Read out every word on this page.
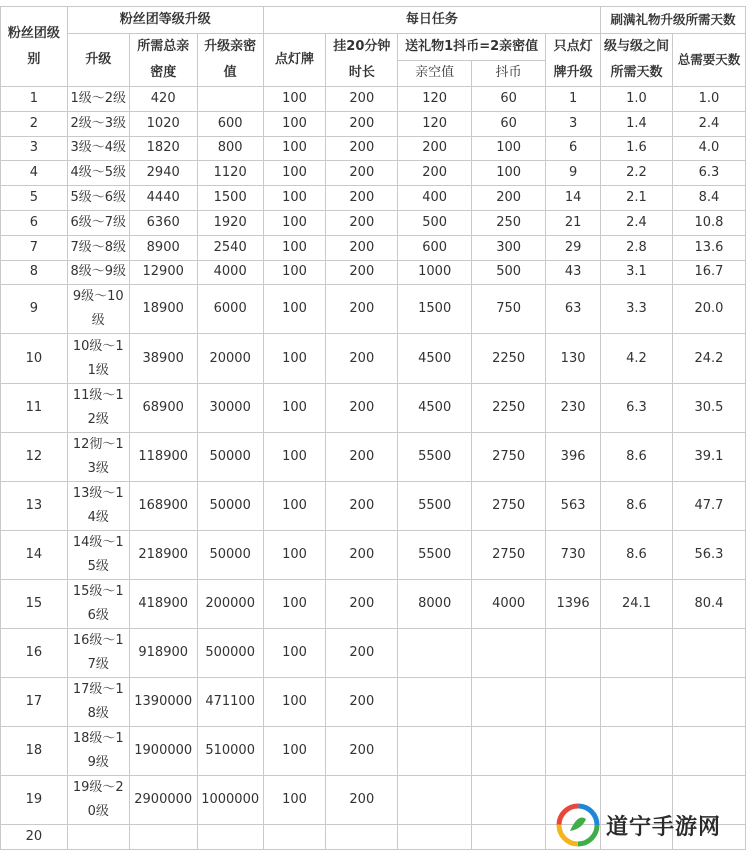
粉丝团级别	粉丝团等级升级			每日任务					刷满礼物升级所需天数	
	升级	所需总亲密度	升级亲密值	点灯牌	挂20分钟时长	送礼物1抖币=2亲密值		只点灯牌升级	级与级之间所需天数	总需要天数
						亲空值	抖币			
1	1级～2级	420		100	200	120	60	1	1.0	1.0
2	2级～3级	1020	600	100	200	120	60	3	1.4	2.4
3	3级～4级	1820	800	100	200	200	100	6	1.6	4.0
4	4级～5级	2940	1120	100	200	200	100	9	2.2	6.3
5	5级～6级	4440	1500	100	200	400	200	14	2.1	8.4
6	6级～7级	6360	1920	100	200	500	250	21	2.4	10.8
7	7级～8级	8900	2540	100	200	600	300	29	2.8	13.6
8	8级～9级	12900	4000	100	200	1000	500	43	3.1	16.7
9	9级～10级	18900	6000	100	200	1500	750	63	3.3	20.0
10	10级～11级	38900	20000	100	200	4500	2250	130	4.2	24.2
11	11级～12级	68900	30000	100	200	4500	2250	230	6.3	30.5
12	12彻～13级	118900	50000	100	200	5500	2750	396	8.6	39.1
13	13级～14级	168900	50000	100	200	5500	2750	563	8.6	47.7
14	14级～15级	218900	50000	100	200	5500	2750	730	8.6	56.3
15	15级～16级	418900	200000	100	200	8000	4000	1396	24.1	80.4
16	16级～17级	918900	500000	100	200					
17	17级～18级	1390000	471100	100	200					
18	18级～19级	1900000	510000	100	200					
19	19级～20级	2900000	1000000	100	200					
20											道宁手游网
